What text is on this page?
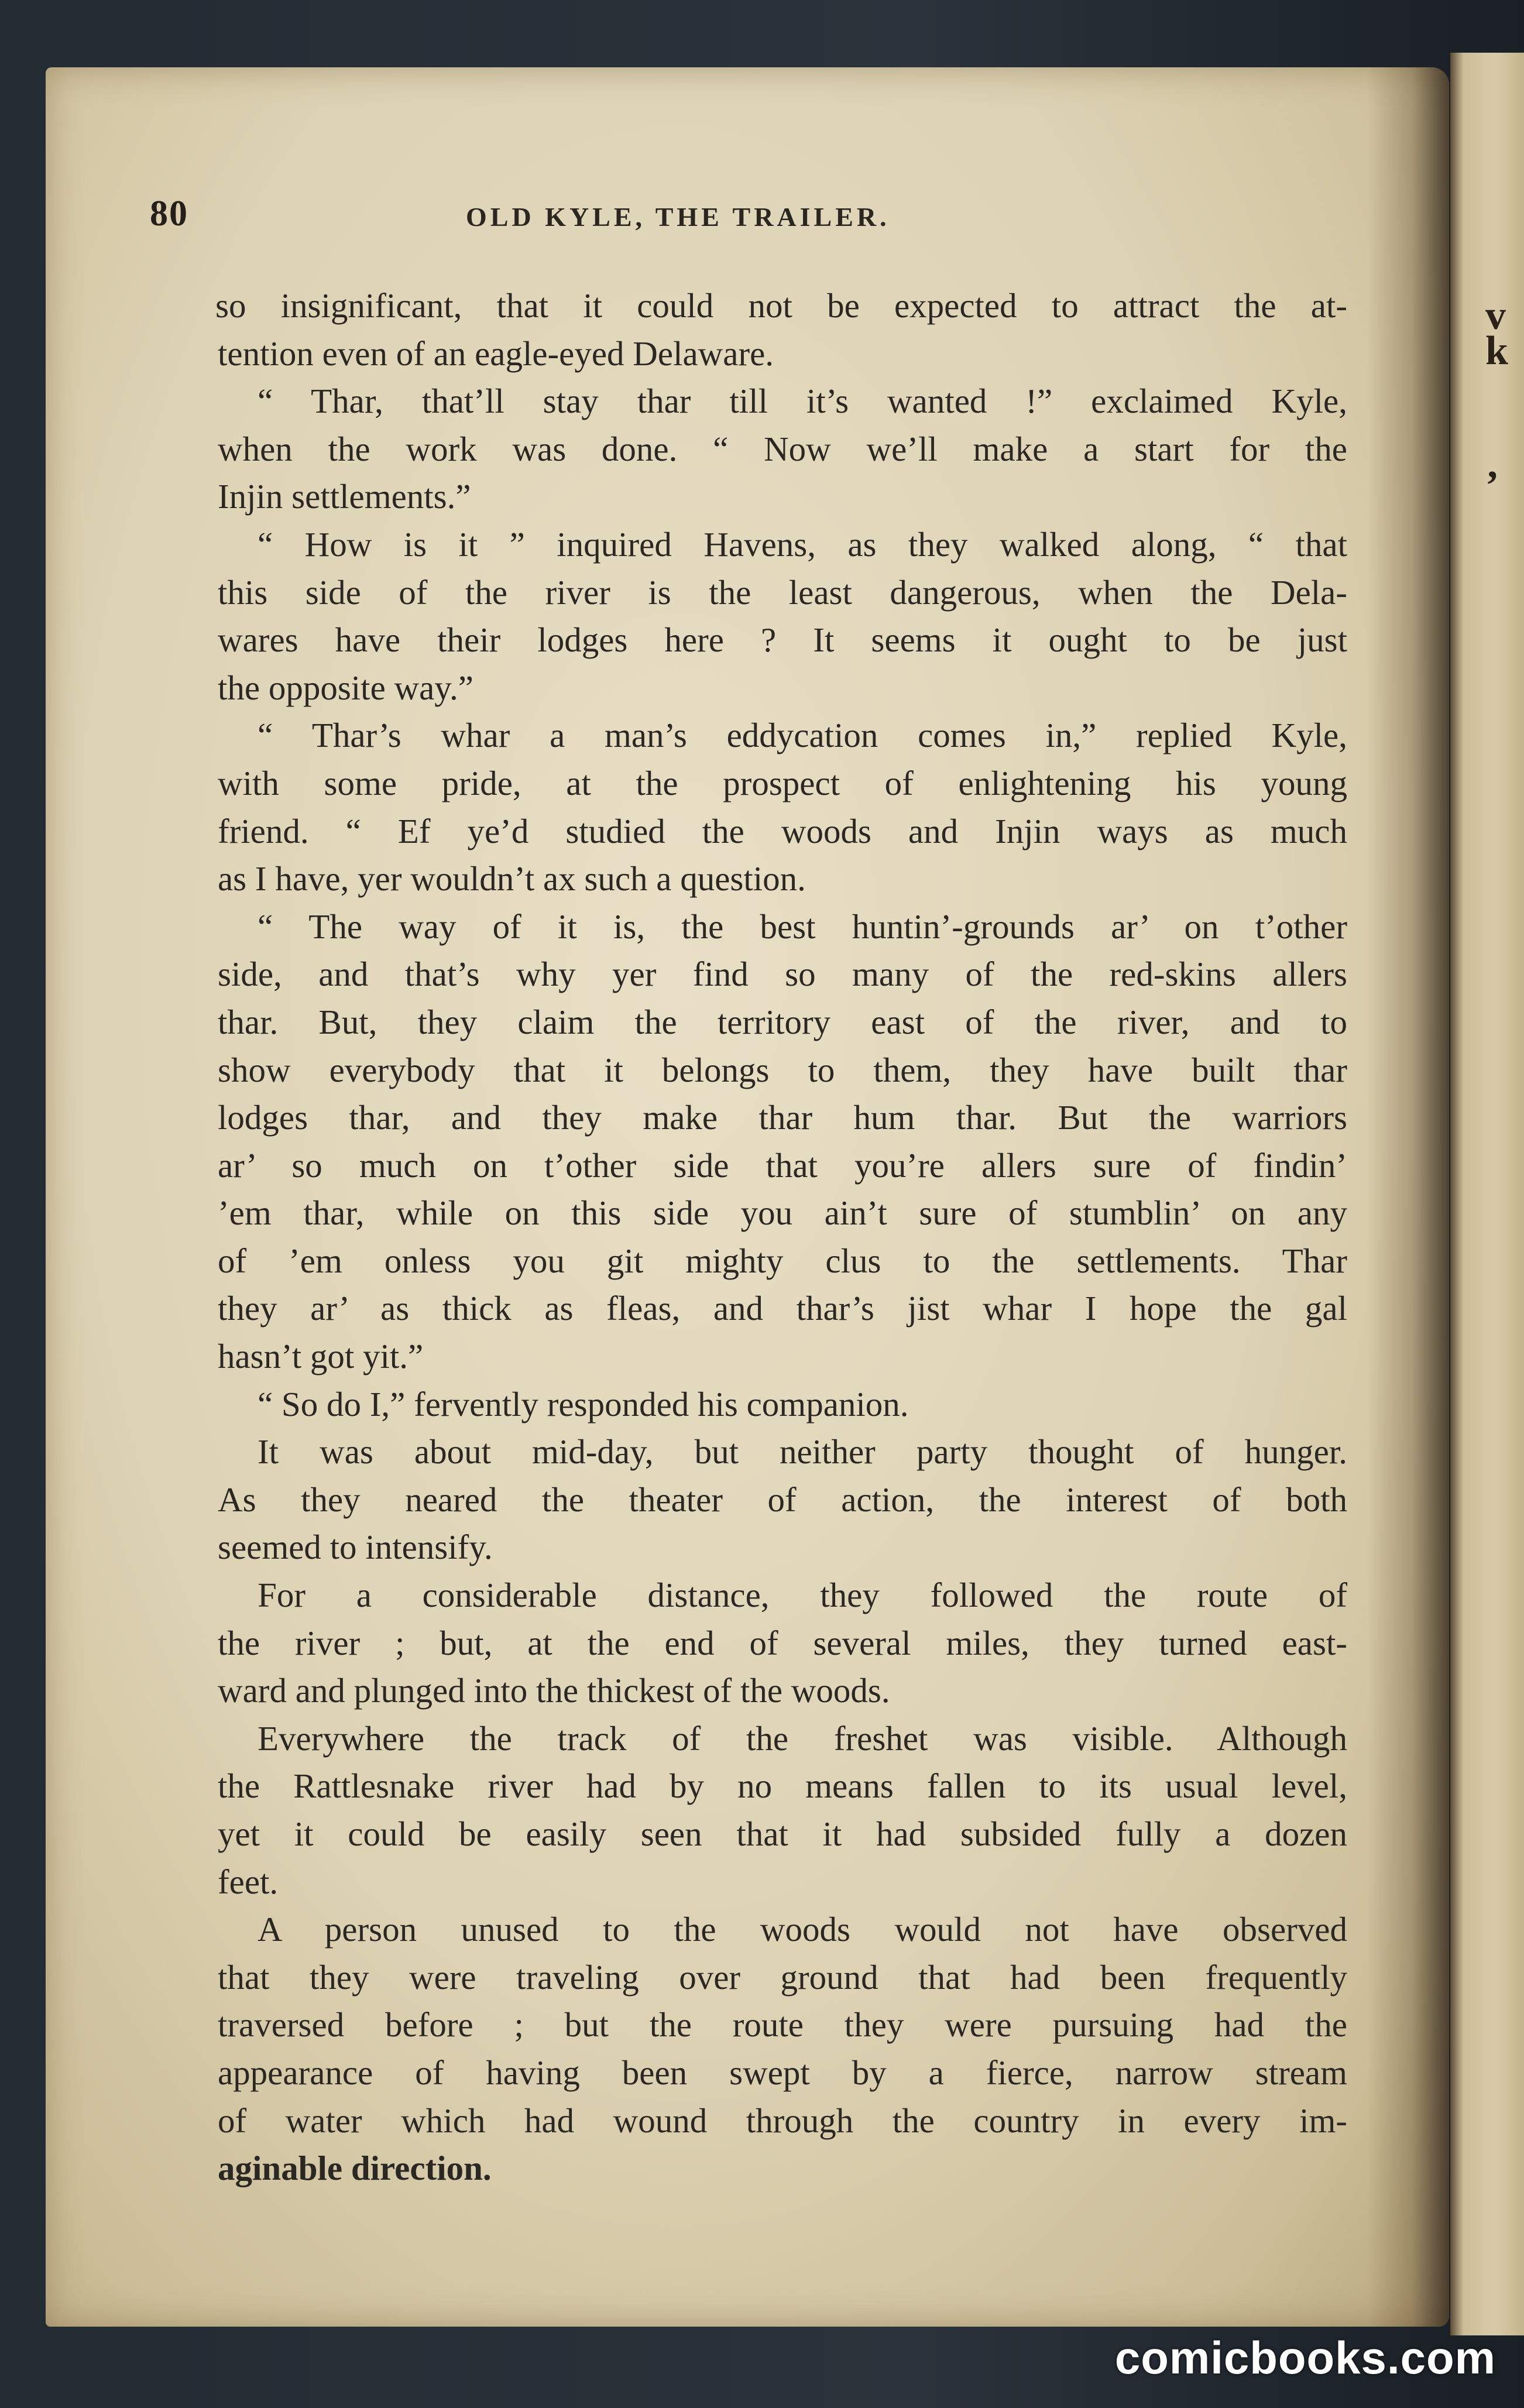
v
k
’
80	OLD KYLE, THE TRAILER.
so insignificant, that it could not be expected to attract the at-
tention even of an eagle-eyed Delaware.
“ Thar, that’ll stay thar till it’s wanted !” exclaimed Kyle,
when the work was done. “ Now we’ll make a start for the
Injin settlements.”
“ How is it ” inquired Havens, as they walked along, “ that
this side of the river is the least dangerous, when the Dela-
wares have their lodges here ? It seems it ought to be just
the opposite way.”
“ Thar’s whar a man’s eddycation comes in,” replied Kyle,
with some pride, at the prospect of enlightening his young
friend. “ Ef ye’d studied the woods and Injin ways as much
as I have, yer wouldn’t ax such a question.
“ The way of it is, the best huntin’-grounds ar’ on t’other
side, and that’s why yer find so many of the red-skins allers
thar. But, they claim the territory east of the river, and to
show everybody that it belongs to them, they have built thar
lodges thar, and they make thar hum thar. But the warriors
ar’ so much on t’other side that you’re allers sure of findin’
’em thar, while on this side you ain’t sure of stumblin’ on any
of ’em onless you git mighty clus to the settlements. Thar
they ar’ as thick as fleas, and thar’s jist whar I hope the gal
hasn’t got yit.”
“ So do I,” fervently responded his companion.
It was about mid-day, but neither party thought of hunger.
As they neared the theater of action, the interest of both
seemed to intensify.
For a considerable distance, they followed the route of
the river ; but, at the end of several miles, they turned east-
ward and plunged into the thickest of the woods.
Everywhere the track of the freshet was visible. Although
the Rattlesnake river had by no means fallen to its usual level,
yet it could be easily seen that it had subsided fully a dozen
feet.
A person unused to the woods would not have observed
that they were traveling over ground that had been frequently
traversed before ; but the route they were pursuing had the
appearance of having been swept by a fierce, narrow stream
of water which had wound through the country in every im-
aginable direction.
comicbooks.com
